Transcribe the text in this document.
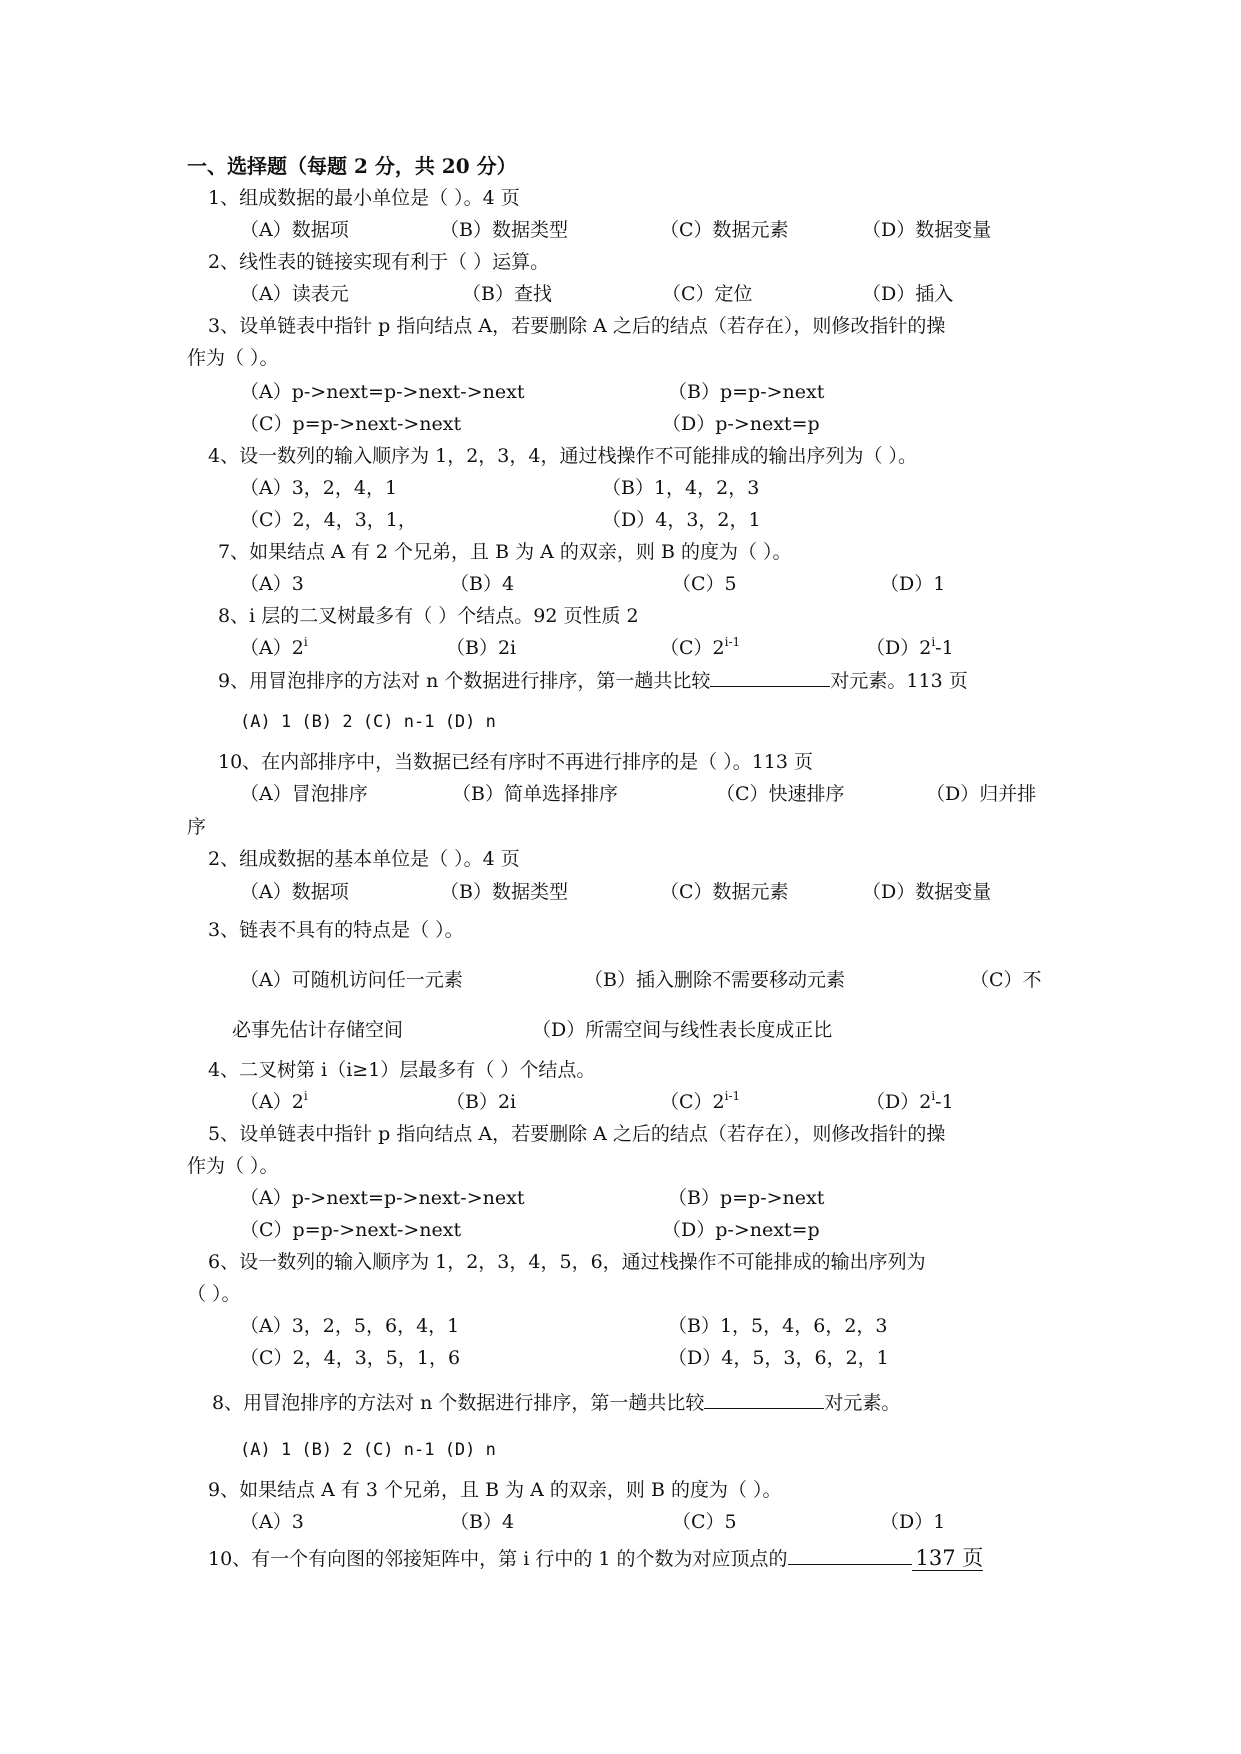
一、选择题（每题 2 分，共 20 分）
1、组成数据的最小单位是（ ）。4 页
（A）数据项	（B）数据类型	（C）数据元素	（D）数据变量
2、线性表的链接实现有利于（ ）运算。
（A）读表元	（B）查找	（C）定位	（D）插入
3、设单链表中指针 p 指向结点 A，若要删除 A 之后的结点（若存在），则修改指针的操
作为（ ）。
（A）p->next=p->next->next	（B）p=p->next
（C）p=p->next->next	（D）p->next=p
4、设一数列的输入顺序为 1，2，3，4，通过栈操作不可能排成的输出序列为（ ）。
（A）3，2，4，1	（B）1，4，2，3
（C）2，4，3，1，	（D）4，3，2，1
7、如果结点 A 有 2 个兄弟，且 B 为 A 的双亲，则 B 的度为（ ）。
（A）3	（B）4	（C）5	（D）1
8、i 层的二叉树最多有（ ）个结点。92 页性质 2
（A）2$^i$	（B）2i	（C）2$^{i-1}$	（D）2$^i$-1
9、用冒泡排序的方法对 n 个数据进行排序，第一趟共比较	对元素。113 页
(A) 1 (B) 2 (C) n-1 (D) n
10、在内部排序中，当数据已经有序时不再进行排序的是（ ）。113 页
（A）冒泡排序	（B）简单选择排序	（C）快速排序	（D）归并排
序
2、组成数据的基本单位是（ ）。4 页
（A）数据项	（B）数据类型	（C）数据元素	（D）数据变量
3、链表不具有的特点是（ ）。
（A）可随机访问任一元素	（B）插入删除不需要移动元素	（C）不
必事先估计存储空间	（D）所需空间与线性表长度成正比
4、二叉树第 i（i≥1）层最多有（ ）个结点。
（A）2$^i$	（B）2i	（C）2$^{i-1}$	（D）2$^i$-1
5、设单链表中指针 p 指向结点 A，若要删除 A 之后的结点（若存在），则修改指针的操
作为（ ）。
（A）p->next=p->next->next	（B）p=p->next
（C）p=p->next->next	（D）p->next=p
6、设一数列的输入顺序为 1，2，3，4，5，6，通过栈操作不可能排成的输出序列为
（ ）。
（A）3，2，5，6，4，1	（B）1，5，4，6，2，3
（C）2，4，3，5，1，6	（D）4，5，3，6，2，1
8、用冒泡排序的方法对 n 个数据进行排序，第一趟共比较	对元素。
(A) 1 (B) 2 (C) n-1 (D) n
9、如果结点 A 有 3 个兄弟，且 B 为 A 的双亲，则 B 的度为（ ）。
（A）3	（B）4	（C）5	（D）1
10、有一个有向图的邻接矩阵中，第 i 行中的 1 的个数为对应顶点的	137 页
